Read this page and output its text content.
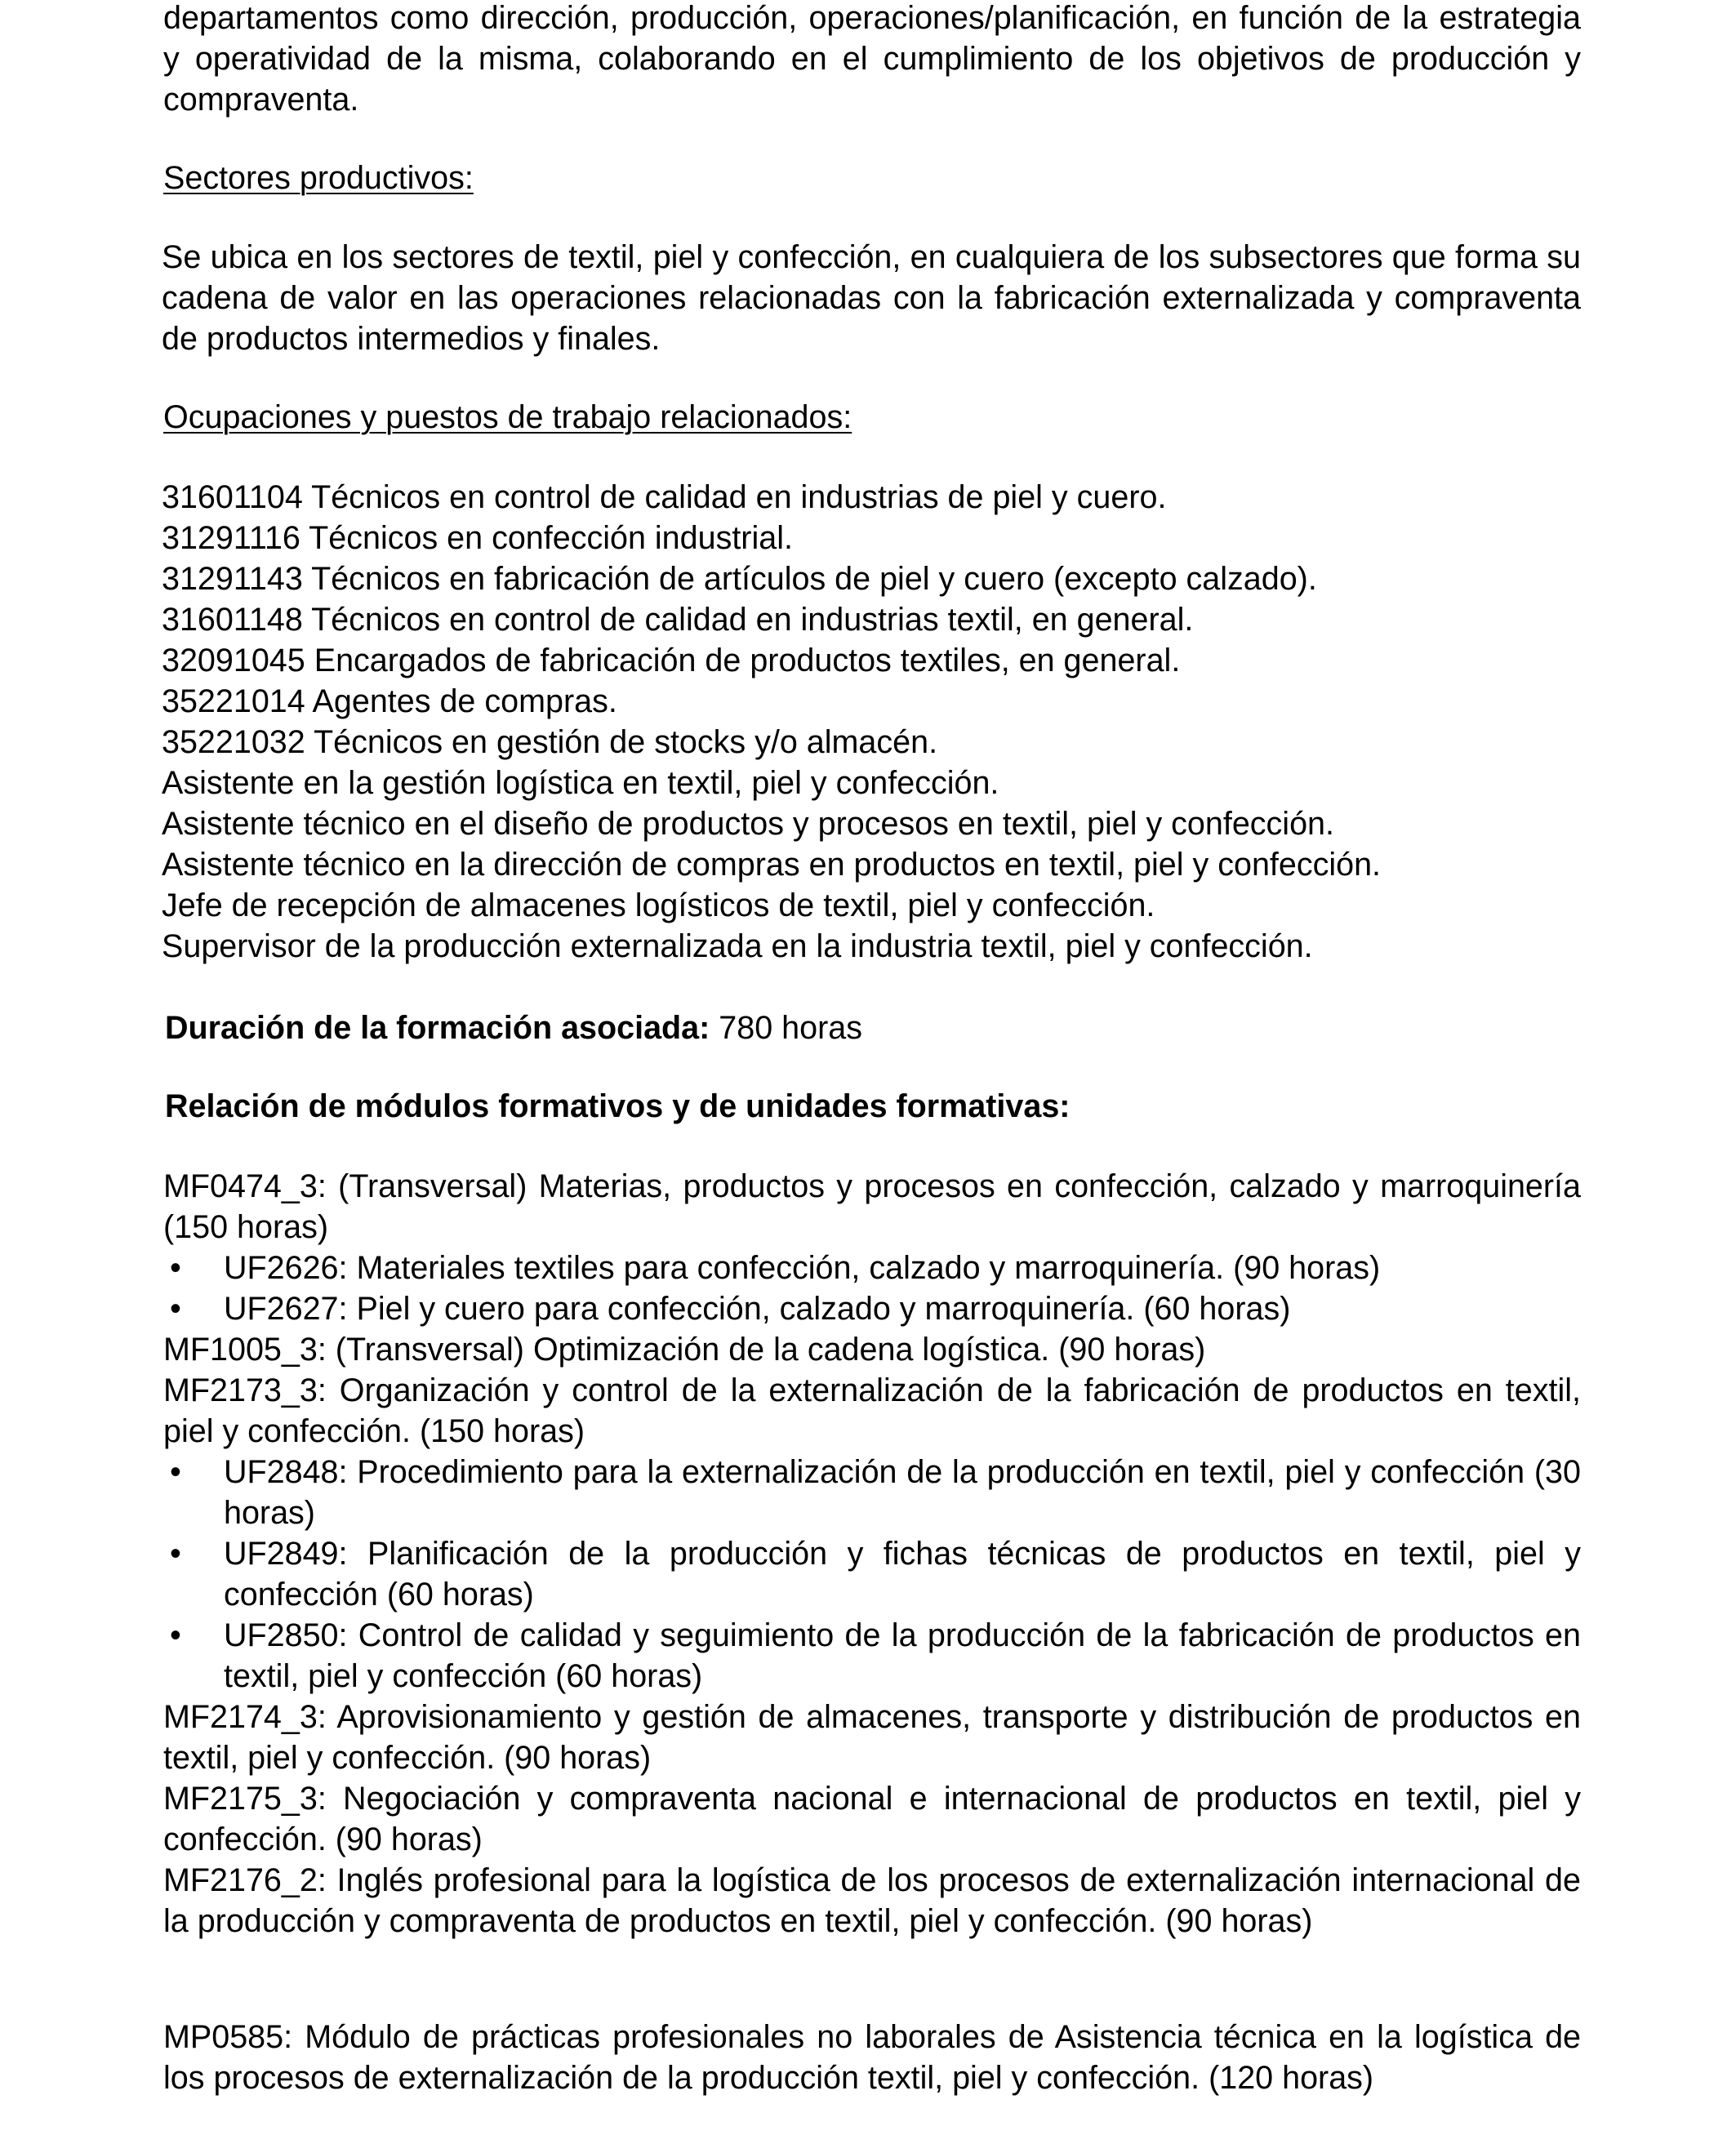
departamentos como dirección, producción, operaciones/planificación, en función de la estrategia y operatividad de la misma, colaborando en el cumplimiento de los objetivos de producción y compraventa.

Sectores productivos:

Se ubica en los sectores de textil, piel y confección, en cualquiera de los subsectores que forma su cadena de valor en las operaciones relacionadas con la fabricación externalizada y compraventa de productos intermedios y finales.

Ocupaciones y puestos de trabajo relacionados:

31601104 Técnicos en control de calidad en industrias de piel y cuero.

31291116 Técnicos en confección industrial.

31291143 Técnicos en fabricación de artículos de piel y cuero (excepto calzado).

31601148 Técnicos en control de calidad en industrias textil, en general.

32091045 Encargados de fabricación de productos textiles, en general.

35221014 Agentes de compras.

35221032 Técnicos en gestión de stocks y/o almacén.

Asistente en la gestión logística en textil, piel y confección.

Asistente técnico en el diseño de productos y procesos en textil, piel y confección.

Asistente técnico en la dirección de compras en productos en textil, piel y confección.

Jefe de recepción de almacenes logísticos de textil, piel y confección.

Supervisor de la producción externalizada en la industria textil, piel y confección.

Duración de la formación asociada: 780 horas

Relación de módulos formativos y de unidades formativas:

MF0474_3: (Transversal) Materias, productos y procesos en confección, calzado y marroquinería (150 horas)

• UF2626: Materiales textiles para confección, calzado y marroquinería. (90 horas)

• UF2627: Piel y cuero para confección, calzado y marroquinería. (60 horas)

MF1005_3: (Transversal) Optimización de la cadena logística. (90 horas)

MF2173_3: Organización y control de la externalización de la fabricación de productos en textil, piel y confección. (150 horas)

• UF2848: Procedimiento para la externalización de la producción en textil, piel y confección (30 horas)

• UF2849: Planificación de la producción y fichas técnicas de productos en textil, piel y confección (60 horas)

• UF2850: Control de calidad y seguimiento de la producción de la fabricación de productos en textil, piel y confección (60 horas)

MF2174_3: Aprovisionamiento y gestión de almacenes, transporte y distribución de productos en textil, piel y confección. (90 horas)

MF2175_3: Negociación y compraventa nacional e internacional de productos en textil, piel y confección. (90 horas)

MF2176_2: Inglés profesional para la logística de los procesos de externalización internacional de la producción y compraventa de productos en textil, piel y confección. (90 horas)

MP0585: Módulo de prácticas profesionales no laborales de Asistencia técnica en la logística de los procesos de externalización de la producción textil, piel y confección. (120 horas)
